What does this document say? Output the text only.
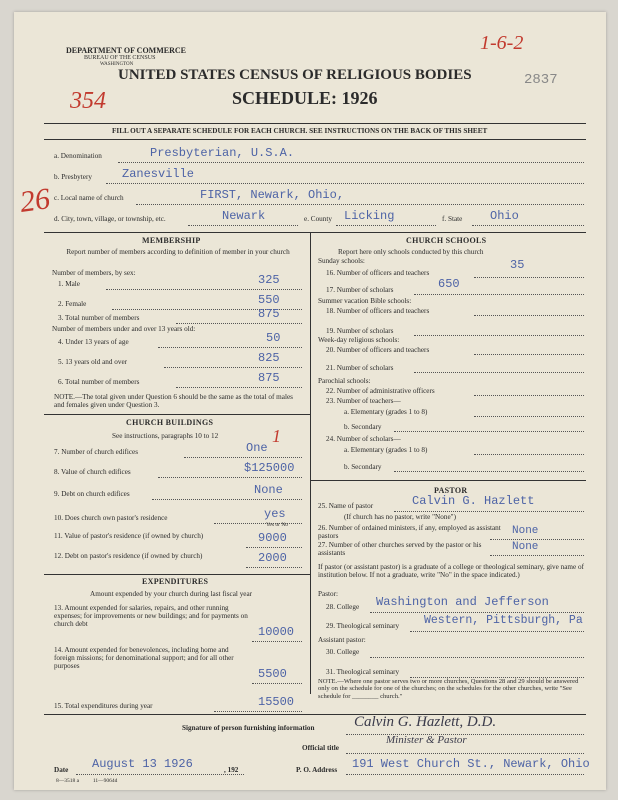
DEPARTMENT OF COMMERCE
BUREAU OF THE CENSUS
WASHINGTON
1-6-2
2837
UNITED STATES CENSUS OF RELIGIOUS BODIES
354	SCHEDULE: 1926
FILL OUT A SEPARATE SCHEDULE FOR EACH CHURCH. SEE INSTRUCTIONS ON THE BACK OF THIS SHEET
26
a. Denomination	Presbyterian, U.S.A.
b. Presbytery	Zanesville
c. Local name of church	FIRST, Newark, Ohio,
d. City, town, village, or township, etc.	Newark	e. County Licking	f. State Ohio
MEMBERSHIP
Report number of members according to definition of member in your church
Number of members, by sex:
Number of members under and over 13 years old:
1. Male	325
2. Female	550
3. Total number of members	875
4. Under 13 years of age	50
5. 13 years old and over	825
6. Total number of members	875
NOTE.—The total given under Question 6 should be the same as the total of males and females given under Question 3.
CHURCH BUILDINGS
See instructions, paragraphs 10 to 12
7. Number of church edifices	One
1
8. Value of church edifices	$125000
9. Debt on church edifices	None
10. Does church own pastor's residence	yes
Yes or No
11. Value of pastor's residence (if owned by church)	9000
12. Debt on pastor's residence (if owned by church)	2000
EXPENDITURES
Amount expended by your church during last fiscal year
13. Amount expended for salaries, repairs, and other running expenses; for improvements or new buildings; and for payments on church debt
10000
14. Amount expended for benevolences, including home and foreign missions; for denominational support; and for all other purposes
5500
15. Total expenditures during year	15500
CHURCH SCHOOLS
Report here only schools conducted by this church
Sunday schools:
16. Number of officers and teachers
35
17. Number of scholars	650
Summer vacation Bible schools:
18. Number of officers and teachers
19. Number of scholars
Week-day religious schools:
20. Number of officers and teachers
21. Number of scholars
Parochial schools:
22. Number of administrative officers
23. Number of teachers—
a. Elementary (grades 1 to 8)
b. Secondary
24. Number of scholars—
a. Elementary (grades 1 to 8)
b. Secondary
PASTOR
25. Name of pastor	Calvin G. Hazlett
(If church has no pastor, write "None")
26. Number of ordained ministers, if any, employed as assistant pastors	None
27. Number of other churches served by the pastor or his assistants	None
If pastor (or assistant pastor) is a graduate of a college or theological seminary, give name of institution below. If not a graduate, write "No" in the space indicated.)
Pastor:
28. College Washington and Jefferson
29. Theological seminary Western, Pittsburgh, Pa
Assistant pastor:
30. College
31. Theological seminary
NOTE.—Where one pastor serves two or more churches, Questions 28 and 29 should be answered only on the schedule for one of the churches; on the schedules for the other churches, write "See schedule for ________ church."
Signature of person furnishing information	Calvin G. Hazlett, D.D.
Official title
Minister & Pastor
Date August 13 1926	, 192	P. O. Address 191 West Church St., Newark, Ohio
8—3518 a          11—9064d
